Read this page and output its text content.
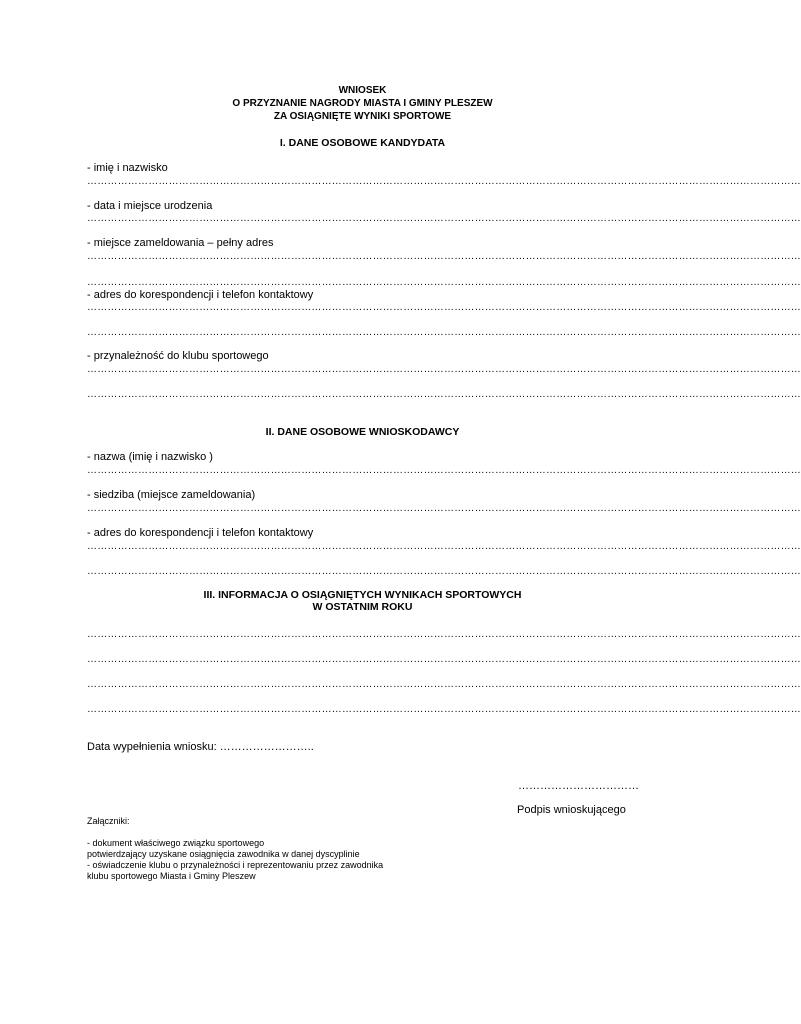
WNIOSEK
O PRZYZNANIE NAGRODY MIASTA I GMINY PLESZEW
ZA OSIĄGNIĘTE WYNIKI SPORTOWE
I. DANE OSOBOWE KANDYDATA
- imię i nazwisko
…………………………………………………………………………………………………………………………………………………………………………………………
- data i miejsce urodzenia
…………………………………………………………………………………………………………………………………………………………………………………………
- miejsce zameldowania – pełny adres
…………………………………………………………………………………………………………………………………………………………………………………………
…………………………………………………………………………………………………………………………………………………………………………………………
- adres do korespondencji i telefon kontaktowy
…………………………………………………………………………………………………………………………………………………………………………………………
…………………………………………………………………………………………………………………………………………………………………………………………
- przynależność do klubu sportowego
…………………………………………………………………………………………………………………………………………………………………………………………
…………………………………………………………………………………………………………………………………………………………………………………………
II. DANE OSOBOWE WNIOSKODAWCY
- nazwa (imię i nazwisko )
…………………………………………………………………………………………………………………………………………………………………………………………
- siedziba (miejsce zameldowania)
…………………………………………………………………………………………………………………………………………………………………………………………
- adres do korespondencji i telefon kontaktowy
…………………………………………………………………………………………………………………………………………………………………………………………
…………………………………………………………………………………………………………………………………………………………………………………………
III. INFORMACJA O OSIĄGNIĘTYCH WYNIKACH SPORTOWYCH
W OSTATNIM ROKU
…………………………………………………………………………………………………………………………………………………………………………………………
…………………………………………………………………………………………………………………………………………………………………………………………
…………………………………………………………………………………………………………………………………………………………………………………………
…………………………………………………………………………………………………………………………………………………………………………………………
Data wypełnienia wniosku: ……………………..
……………………………
Podpis wnioskującego
Załączniki:
- dokument właściwego związku sportowego
potwierdzający uzyskane osiągnięcia zawodnika w danej dyscyplinie
- oświadczenie klubu o przynależności i reprezentowaniu przez zawodnika
klubu sportowego Miasta i Gminy Pleszew
